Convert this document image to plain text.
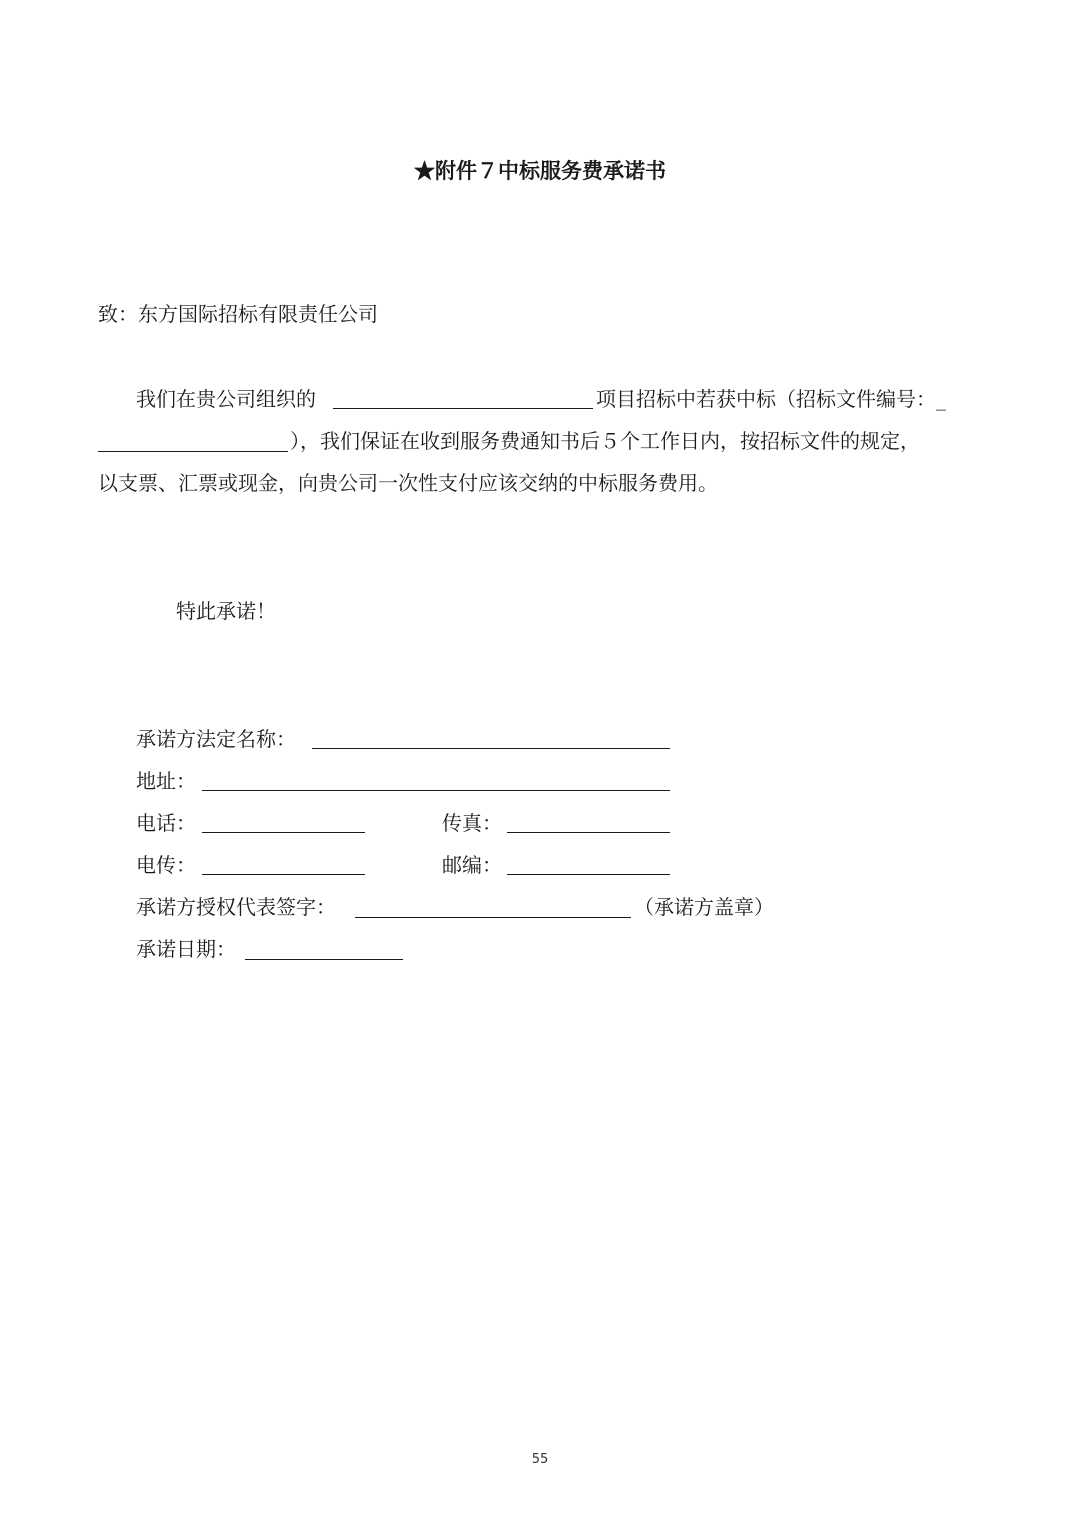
★附件７中标服务费承诺书
致：东方国际招标有限责任公司
我们在贵公司组织的	项目招标中若获中标（招标文件编号：_
），我们保证在收到服务费通知书后５个工作日内，按招标文件的规定，
以支票、汇票或现金，向贵公司一次性支付应该交纳的中标服务费用。
特此承诺！
承诺方法定名称：
地址：
电话：	传真：
电传：	邮编：
承诺方授权代表签字：	（承诺方盖章）
承诺日期：
55
